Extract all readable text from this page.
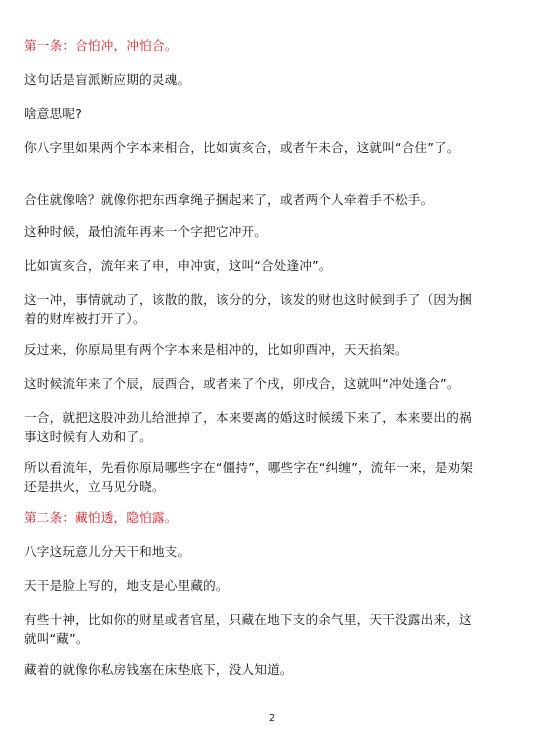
第一条：合怕冲，冲怕合。

这句话是盲派断应期的灵魂。

啥意思呢?

你八字里如果两个字本来相合，比如寅亥合，或者午未合，这就叫“合住”了。

合住就像啥？就像你把东西拿绳子捆起来了，或者两个人牵着手不松手。

这种时候，最怕流年再来一个字把它冲开。

比如寅亥合，流年来了申，申冲寅，这叫“合处逢冲”。

这一冲，事情就动了，该散的散，该分的分，该发的财也这时候到手了（因为捆着的财库被打开了）。

反过来，你原局里有两个字本来是相冲的，比如卯酉冲，天天掐架。

这时候流年来了个辰，辰酉合，或者来了个戌，卯戌合，这就叫“冲处逢合”。

一合，就把这股冲劲儿给泄掉了，本来要离的婚这时候缓下来了，本来要出的祸事这时候有人劝和了。

所以看流年，先看你原局哪些字在“僵持”，哪些字在“纠缠”，流年一来，是劝架还是拱火，立马见分晓。

第二条：藏怕透，隐怕露。

八字这玩意儿分天干和地支。

天干是脸上写的，地支是心里藏的。

有些十神，比如你的财星或者官星，只藏在地下支的余气里，天干没露出来，这就叫“藏”。

藏着的就像你私房钱塞在床垫底下，没人知道。

2
